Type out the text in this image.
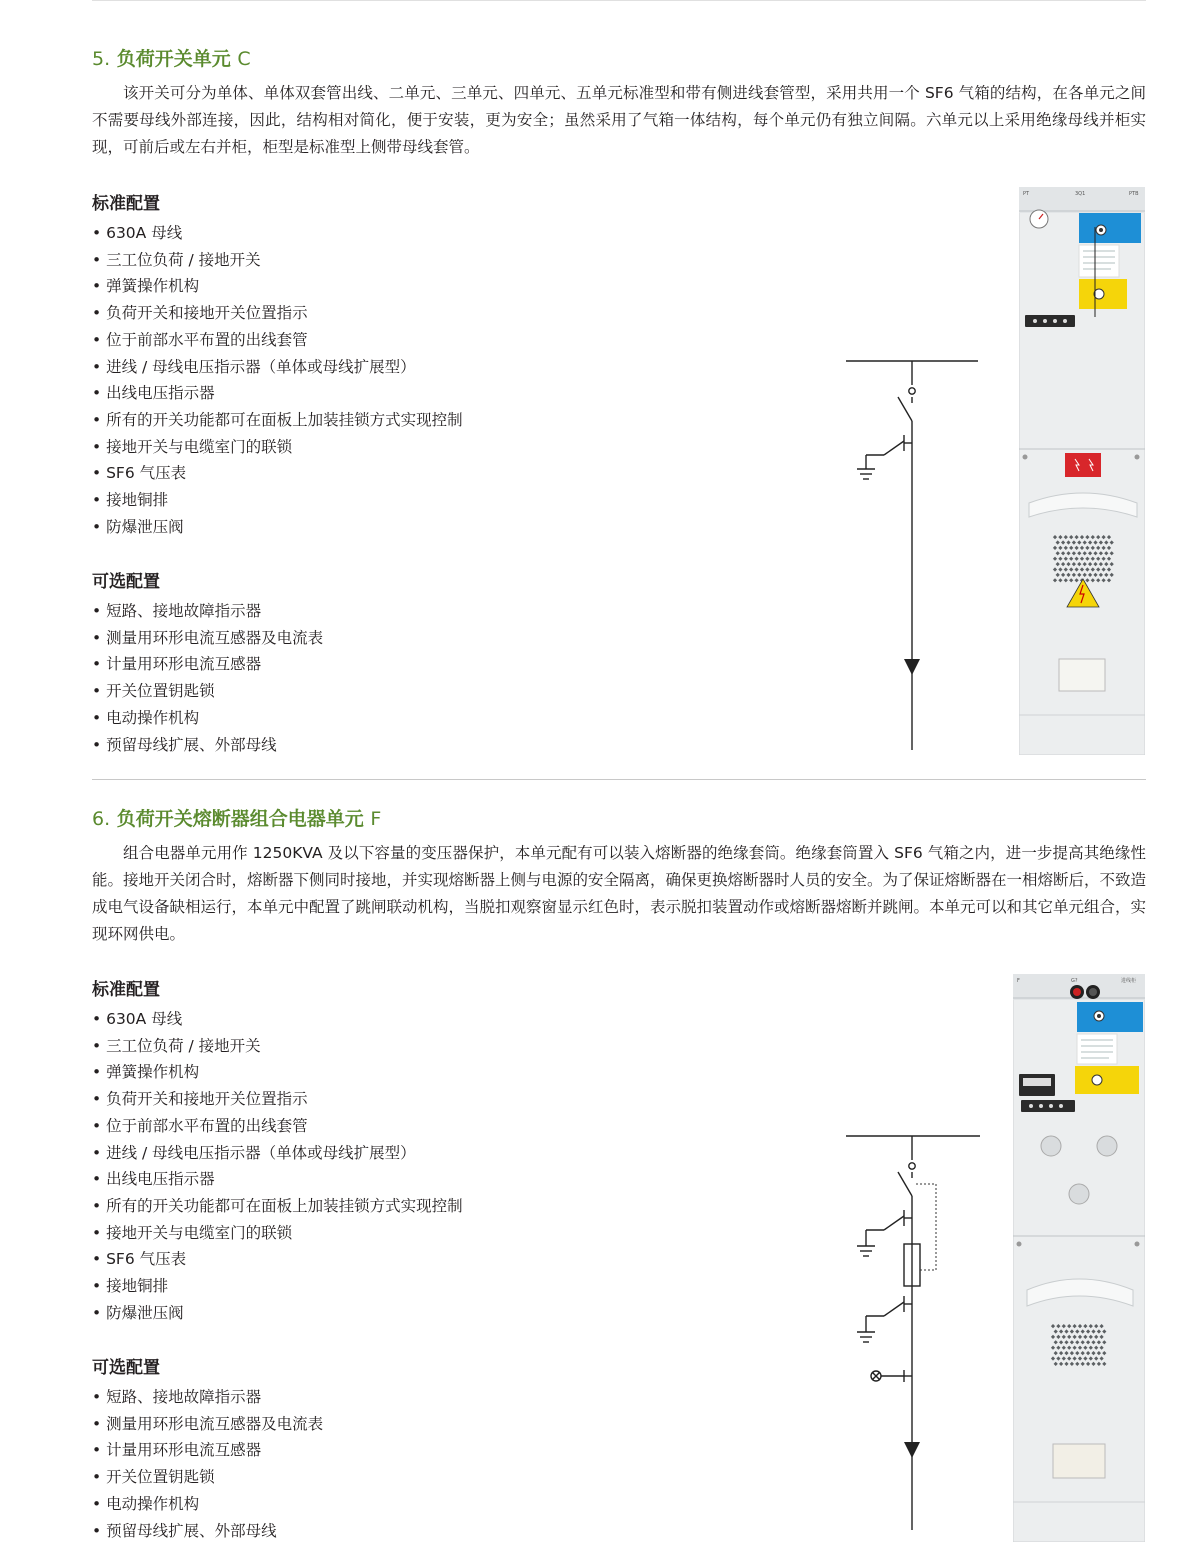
5. 负荷开关单元 C

该开关可分为单体、单体双套管出线、二单元、三单元、四单元、五单元标准型和带有侧进线套管型，采用共用一个 SF6 气箱的结构，在各单元之间不需要母线外部连接，因此，结构相对简化，便于安装，更为安全；虽然采用了气箱一体结构，每个单元仍有独立间隔。六单元以上采用绝缘母线并柜实现，可前后或左右并柜，柜型是标准型上侧带母线套管。

标准配置
• 630A 母线
• 三工位负荷 / 接地开关
• 弹簧操作机构
• 负荷开关和接地开关位置指示
• 位于前部水平布置的出线套管
• 进线 / 母线电压指示器（单体或母线扩展型）
• 出线电压指示器
• 所有的开关功能都可在面板上加装挂锁方式实现控制
• 接地开关与电缆室门的联锁
• SF6 气压表
• 接地铜排
• 防爆泄压阀
可选配置
• 短路、接地故障指示器
• 测量用环形电流互感器及电流表
• 计量用环形电流互感器
• 开关位置钥匙锁
• 电动操作机构
• 预留母线扩展、外部母线
PT	3Q1	PTB
6. 负荷开关熔断器组合电器单元 F

组合电器单元用作 1250KVA 及以下容量的变压器保护，本单元配有可以装入熔断器的绝缘套筒。绝缘套筒置入 SF6 气箱之内，进一步提高其绝缘性能。接地开关闭合时，熔断器下侧同时接地，并实现熔断器上侧与电源的安全隔离，确保更换熔断器时人员的安全。为了保证熔断器在一相熔断后，不致造成电气设备缺相运行，本单元中配置了跳闸联动机构，当脱扣观察窗显示红色时，表示脱扣装置动作或熔断器熔断并跳闸。本单元可以和其它单元组合，实现环网供电。

标准配置
• 630A 母线
• 三工位负荷 / 接地开关
• 弹簧操作机构
• 负荷开关和接地开关位置指示
• 位于前部水平布置的出线套管
• 进线 / 母线电压指示器（单体或母线扩展型）
• 出线电压指示器
• 所有的开关功能都可在面板上加装挂锁方式实现控制
• 接地开关与电缆室门的联锁
• SF6 气压表
• 接地铜排
• 防爆泄压阀
可选配置
• 短路、接地故障指示器
• 测量用环形电流互感器及电流表
• 计量用环形电流互感器
• 开关位置钥匙锁
• 电动操作机构
• 预留母线扩展、外部母线
F	G?	进线柜
